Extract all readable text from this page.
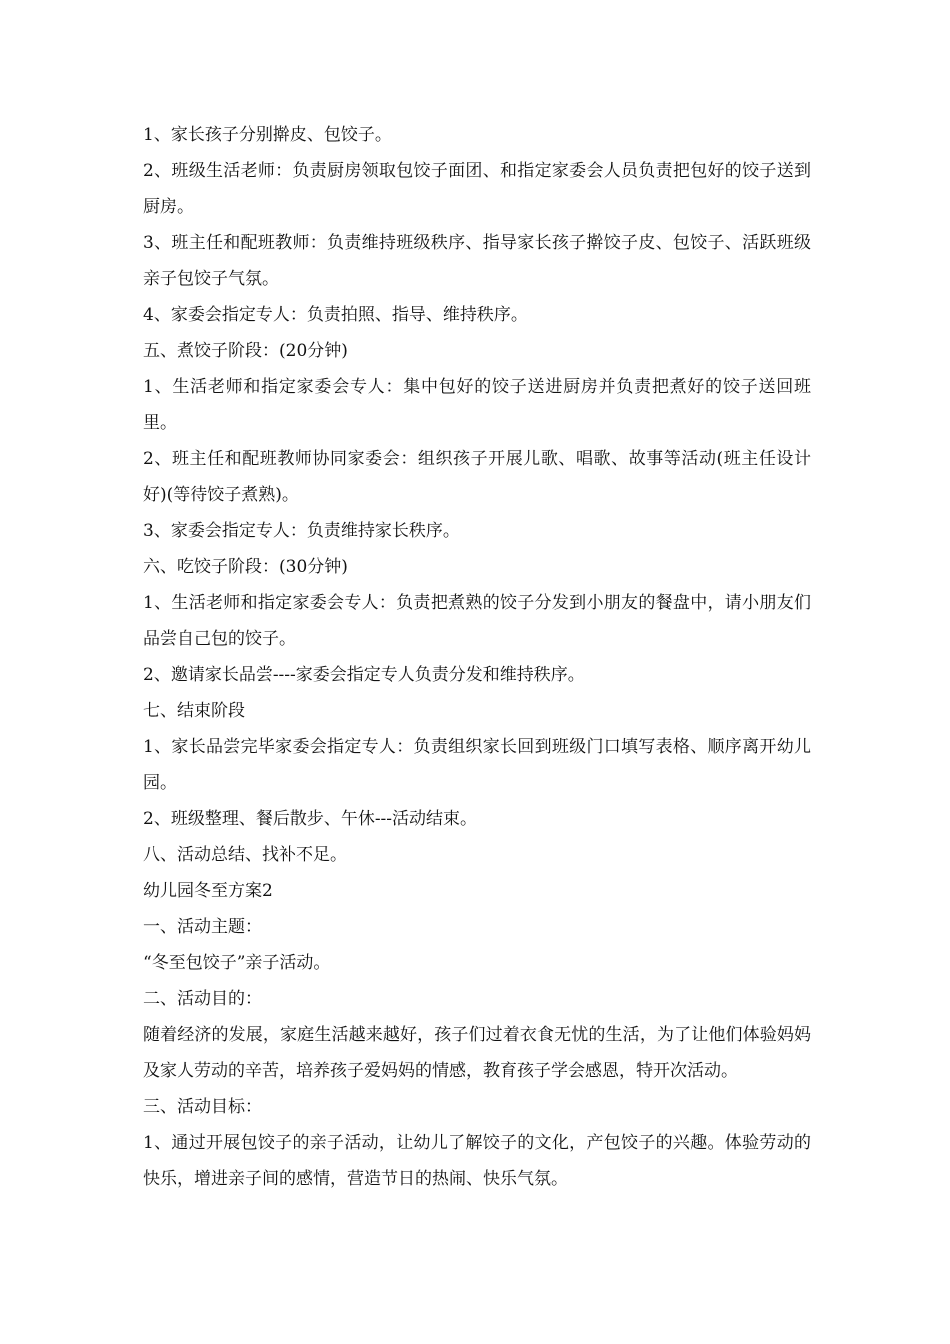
1、家长孩子分别擀皮、包饺子。

2、班级生活老师：负责厨房领取包饺子面团、和指定家委会人员负责把包好的饺子送到厨房。

3、班主任和配班教师：负责维持班级秩序、指导家长孩子擀饺子皮、包饺子、活跃班级亲子包饺子气氛。

4、家委会指定专人：负责拍照、指导、维持秩序。

五、煮饺子阶段：(20分钟)

1、生活老师和指定家委会专人：集中包好的饺子送进厨房并负责把煮好的饺子送回班里。

2、班主任和配班教师协同家委会：组织孩子开展儿歌、唱歌、故事等活动(班主任设计好)(等待饺子煮熟)。

3、家委会指定专人：负责维持家长秩序。

六、吃饺子阶段：(30分钟)

1、生活老师和指定家委会专人：负责把煮熟的饺子分发到小朋友的餐盘中，请小朋友们品尝自己包的饺子。

2、邀请家长品尝----家委会指定专人负责分发和维持秩序。

七、结束阶段

1、家长品尝完毕家委会指定专人：负责组织家长回到班级门口填写表格、顺序离开幼儿园。

2、班级整理、餐后散步、午休---活动结束。

八、活动总结、找补不足。

幼儿园冬至方案2

一、活动主题：

“冬至包饺子”亲子活动。

二、活动目的：

随着经济的发展，家庭生活越来越好，孩子们过着衣食无忧的生活，为了让他们体验妈妈及家人劳动的辛苦，培养孩子爱妈妈的情感，教育孩子学会感恩，特开次活动。

三、活动目标：

1、通过开展包饺子的亲子活动，让幼儿了解饺子的文化，产包饺子的兴趣。体验劳动的快乐，增进亲子间的感情，营造节日的热闹、快乐气氛。
